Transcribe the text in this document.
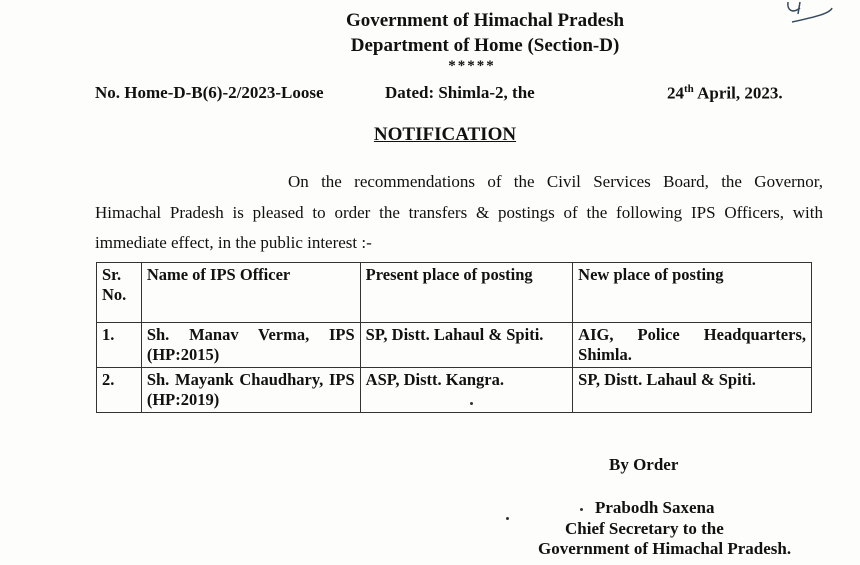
Government of Himachal Pradesh
Department of Home (Section-D)
*****
No. Home-D-B(6)-2/2023-Loose	Dated: Shimla-2, the	24th April, 2023.
NOTIFICATION
On the recommendations of the Civil Services Board, the Governor,
Himachal Pradesh is pleased to order the transfers & postings of the following IPS Officers, with
immediate effect, in the public interest :-
Sr. No.	Name of IPS Officer	Present place of posting	New place of posting
1.	Sh. Manav Verma, IPS (HP:2015)	SP, Distt. Lahaul & Spiti.	AIG, Police Headquarters, Shimla.
2.	Sh. Mayank Chaudhary, IPS (HP:2019)	ASP, Distt. Kangra.	SP, Distt. Lahaul & Spiti.
By Order
Prabodh Saxena
Chief Secretary to the
Government of Himachal Pradesh.
